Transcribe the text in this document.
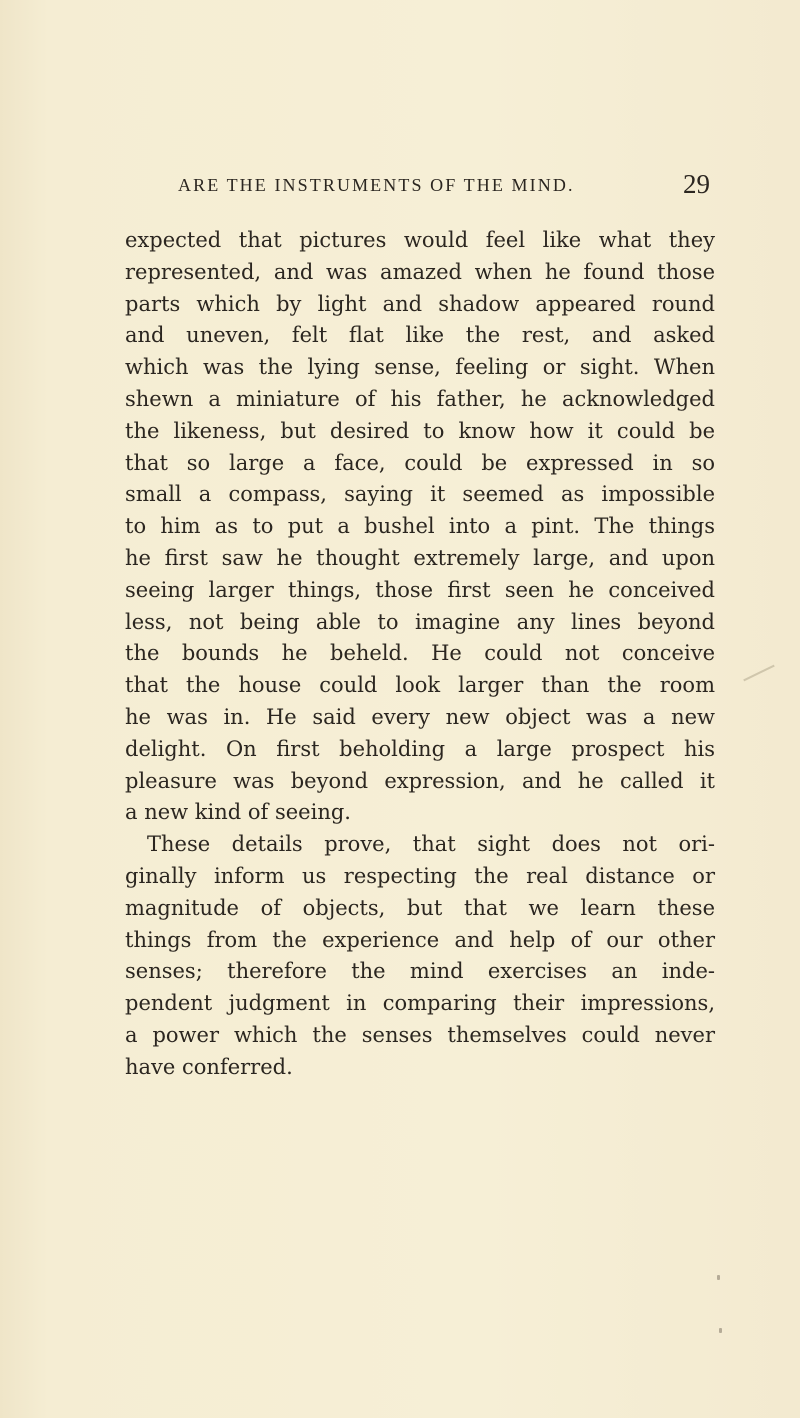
ARE THE INSTRUMENTS OF THE MIND.	29
expected that pictures would feel like what they
represented, and was amazed when he found those
parts which by light and shadow appeared round
and uneven, felt flat like the rest, and asked
which was the lying sense, feeling or sight. When
shewn a miniature of his father, he acknowledged
the likeness, but desired to know how it could be
that so large a face, could be expressed in so
small a compass, saying it seemed as impossible
to him as to put a bushel into a pint. The things
he first saw he thought extremely large, and upon
seeing larger things, those first seen he conceived
less, not being able to imagine any lines beyond
the bounds he beheld. He could not conceive
that the house could look larger than the room
he was in. He said every new object was a new
delight. On first beholding a large prospect his
pleasure was beyond expression, and he called it
a new kind of seeing.
These details prove, that sight does not ori-
ginally inform us respecting the real distance or
magnitude of objects, but that we learn these
things from the experience and help of our other
senses; therefore the mind exercises an inde-
pendent judgment in comparing their impressions,
a power which the senses themselves could never
have conferred.
